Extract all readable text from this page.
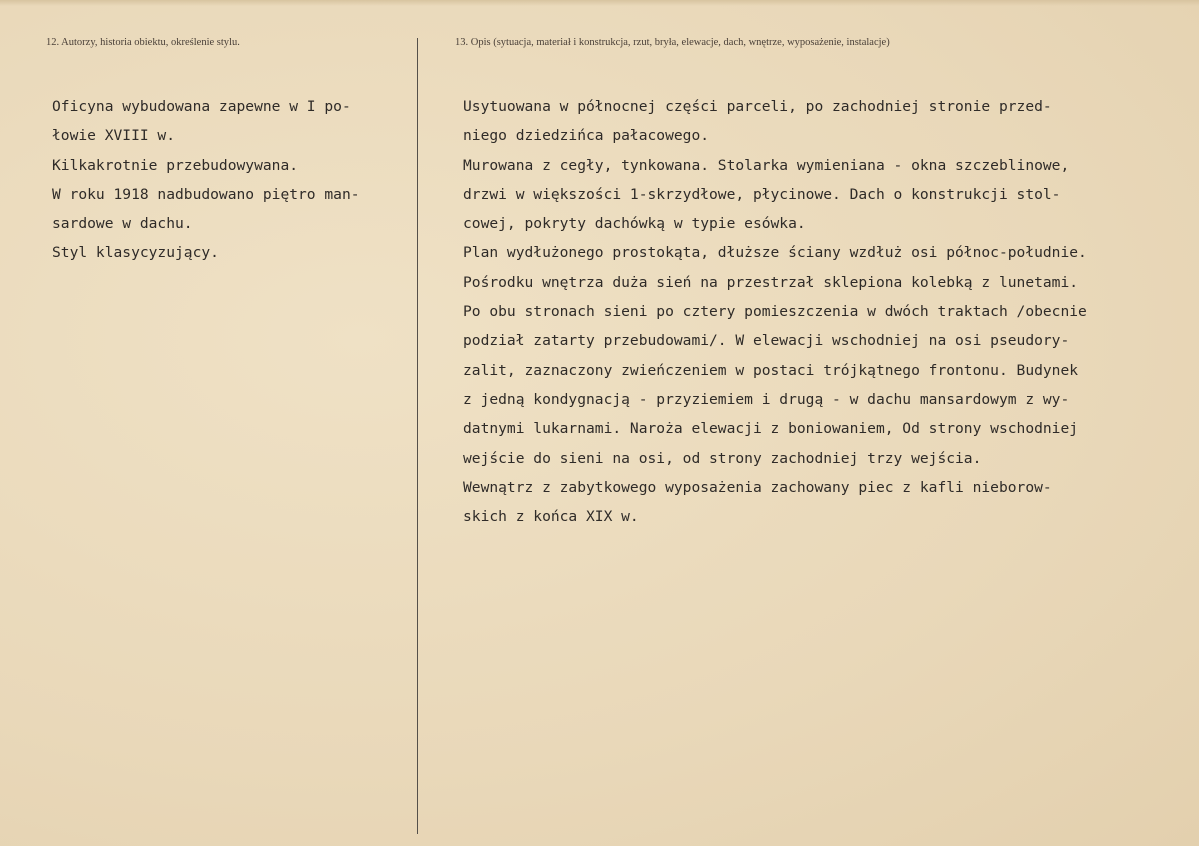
12. Autorzy, historia obiektu, określenie stylu.	13. Opis (sytuacja, materiał i konstrukcja, rzut, bryła, elewacje, dach, wnętrze, wyposażenie, instalacje)
Oficyna wybudowana zapewne w I po-
łowie XVIII w.
Kilkakrotnie przebudowywana.
W roku 1918 nadbudowano piętro man-
sardowe w dachu.
Styl klasycyzujący.
Usytuowana w północnej części parceli, po zachodniej stronie przed-
niego dziedzińca pałacowego.
Murowana z cegły, tynkowana. Stolarka wymieniana - okna szczeblinowe,
drzwi w większości 1-skrzydłowe, płycinowe. Dach o konstrukcji stol-
cowej, pokryty dachówką w typie esówka.
Plan wydłużonego prostokąta, dłuższe ściany wzdłuż osi północ-południe.
Pośrodku wnętrza duża sień na przestrzał sklepiona kolebką z lunetami.
Po obu stronach sieni po cztery pomieszczenia w dwóch traktach /obecnie
podział zatarty przebudowami/. W elewacji wschodniej na osi pseudory-
zalit, zaznaczony zwieńczeniem w postaci trójkątnego frontonu. Budynek
z jedną kondygnacją - przyziemiem i drugą - w dachu mansardowym z wy-
datnymi lukarnami. Naroża elewacji z boniowaniem, Od strony wschodniej
wejście do sieni na osi, od strony zachodniej trzy wejścia.
Wewnątrz z zabytkowego wyposażenia zachowany piec z kafli nieborow-
skich z końca XIX w.
